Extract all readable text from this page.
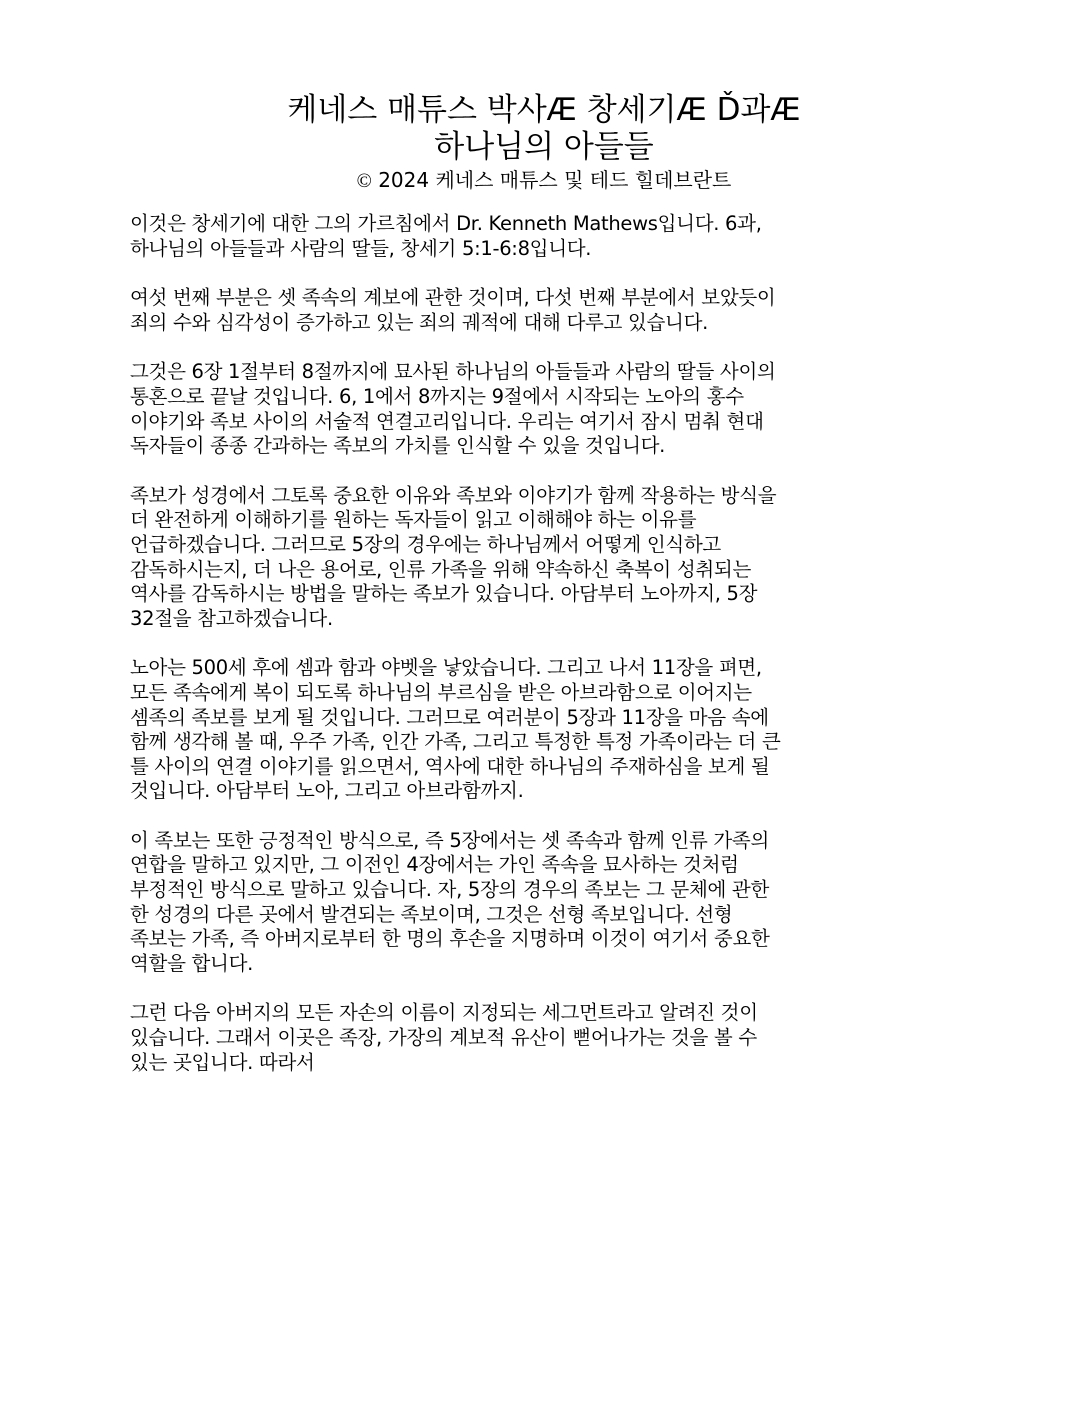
케네스 매튜스 박사Æ 창세기Æ Ď과Æ
하나님의 아들들
© 2024 케네스 매튜스 및 테드 힐데브란트
이것은 창세기에 대한 그의 가르침에서 Dr. Kenneth Mathews입니다. 6과,
하나님의 아들들과 사람의 딸들, 창세기 5:1-6:8입니다.
여섯 번째 부분은 셋 족속의 계보에 관한 것이며, 다섯 번째 부분에서 보았듯이
죄의 수와 심각성이 증가하고 있는 죄의 궤적에 대해 다루고 있습니다.
그것은 6장 1절부터 8절까지에 묘사된 하나님의 아들들과 사람의 딸들 사이의
통혼으로 끝날 것입니다. 6, 1에서 8까지는 9절에서 시작되는 노아의 홍수
이야기와 족보 사이의 서술적 연결고리입니다. 우리는 여기서 잠시 멈춰 현대
독자들이 종종 간과하는 족보의 가치를 인식할 수 있을 것입니다.
족보가 성경에서 그토록 중요한 이유와 족보와 이야기가 함께 작용하는 방식을
더 완전하게 이해하기를 원하는 독자들이 읽고 이해해야 하는 이유를
언급하겠습니다. 그러므로 5장의 경우에는 하나님께서 어떻게 인식하고
감독하시는지, 더 나은 용어로, 인류 가족을 위해 약속하신 축복이 성취되는
역사를 감독하시는 방법을 말하는 족보가 있습니다. 아담부터 노아까지, 5장
32절을 참고하겠습니다.
노아는 500세 후에 셈과 함과 야벳을 낳았습니다. 그리고 나서 11장을 펴면,
모든 족속에게 복이 되도록 하나님의 부르심을 받은 아브라함으로 이어지는
셈족의 족보를 보게 될 것입니다. 그러므로 여러분이 5장과 11장을 마음 속에
함께 생각해 볼 때, 우주 가족, 인간 가족, 그리고 특정한 특정 가족이라는 더 큰
틀 사이의 연결 이야기를 읽으면서, 역사에 대한 하나님의 주재하심을 보게 될
것입니다. 아담부터 노아, 그리고 아브라함까지.
이 족보는 또한 긍정적인 방식으로, 즉 5장에서는 셋 족속과 함께 인류 가족의
연합을 말하고 있지만, 그 이전인 4장에서는 가인 족속을 묘사하는 것처럼
부정적인 방식으로 말하고 있습니다. 자, 5장의 경우의 족보는 그 문체에 관한
한 성경의 다른 곳에서 발견되는 족보이며, 그것은 선형 족보입니다. 선형
족보는 가족, 즉 아버지로부터 한 명의 후손을 지명하며 이것이 여기서 중요한
역할을 합니다.
그런 다음 아버지의 모든 자손의 이름이 지정되는 세그먼트라고 알려진 것이
있습니다. 그래서 이곳은 족장, 가장의 계보적 유산이 뻗어나가는 것을 볼 수
있는 곳입니다. 따라서
